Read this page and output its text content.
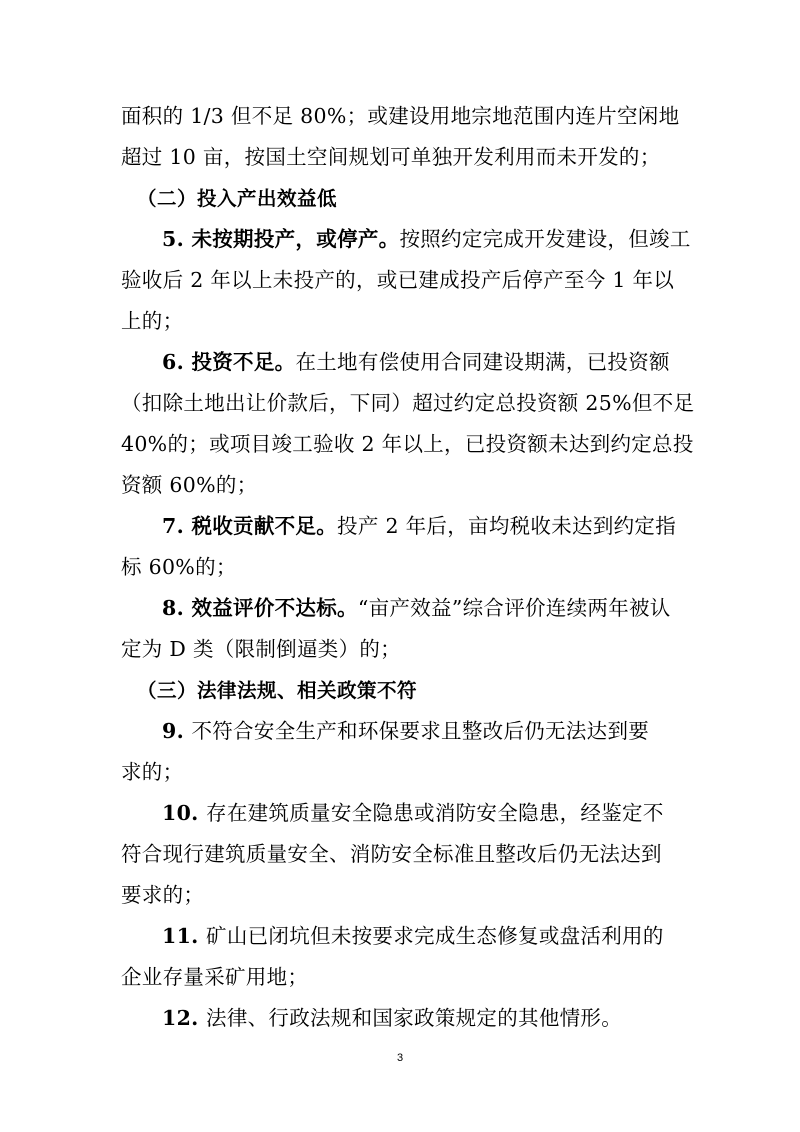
面积的 1/3 但不足 80%；或建设用地宗地范围内连片空闲地
超过 10 亩，按国土空间规划可单独开发利用而未开发的；
（二）投入产出效益低
5. 未按期投产，或停产。按照约定完成开发建设，但竣工
验收后 2 年以上未投产的，或已建成投产后停产至今 1 年以
上的；
6. 投资不足。在土地有偿使用合同建设期满，已投资额
（扣除土地出让价款后，下同）超过约定总投资额 25%但不足
40%的；或项目竣工验收 2 年以上，已投资额未达到约定总投
资额 60%的；
7. 税收贡献不足。投产 2 年后，亩均税收未达到约定指
标 60%的；
8. 效益评价不达标。“亩产效益”综合评价连续两年被认
定为 D 类（限制倒逼类）的；
（三）法律法规、相关政策不符
9. 不符合安全生产和环保要求且整改后仍无法达到要
求的；
10. 存在建筑质量安全隐患或消防安全隐患，经鉴定不
符合现行建筑质量安全、消防安全标准且整改后仍无法达到
要求的；
11. 矿山已闭坑但未按要求完成生态修复或盘活利用的
企业存量采矿用地；
12. 法律、行政法规和国家政策规定的其他情形。
3
